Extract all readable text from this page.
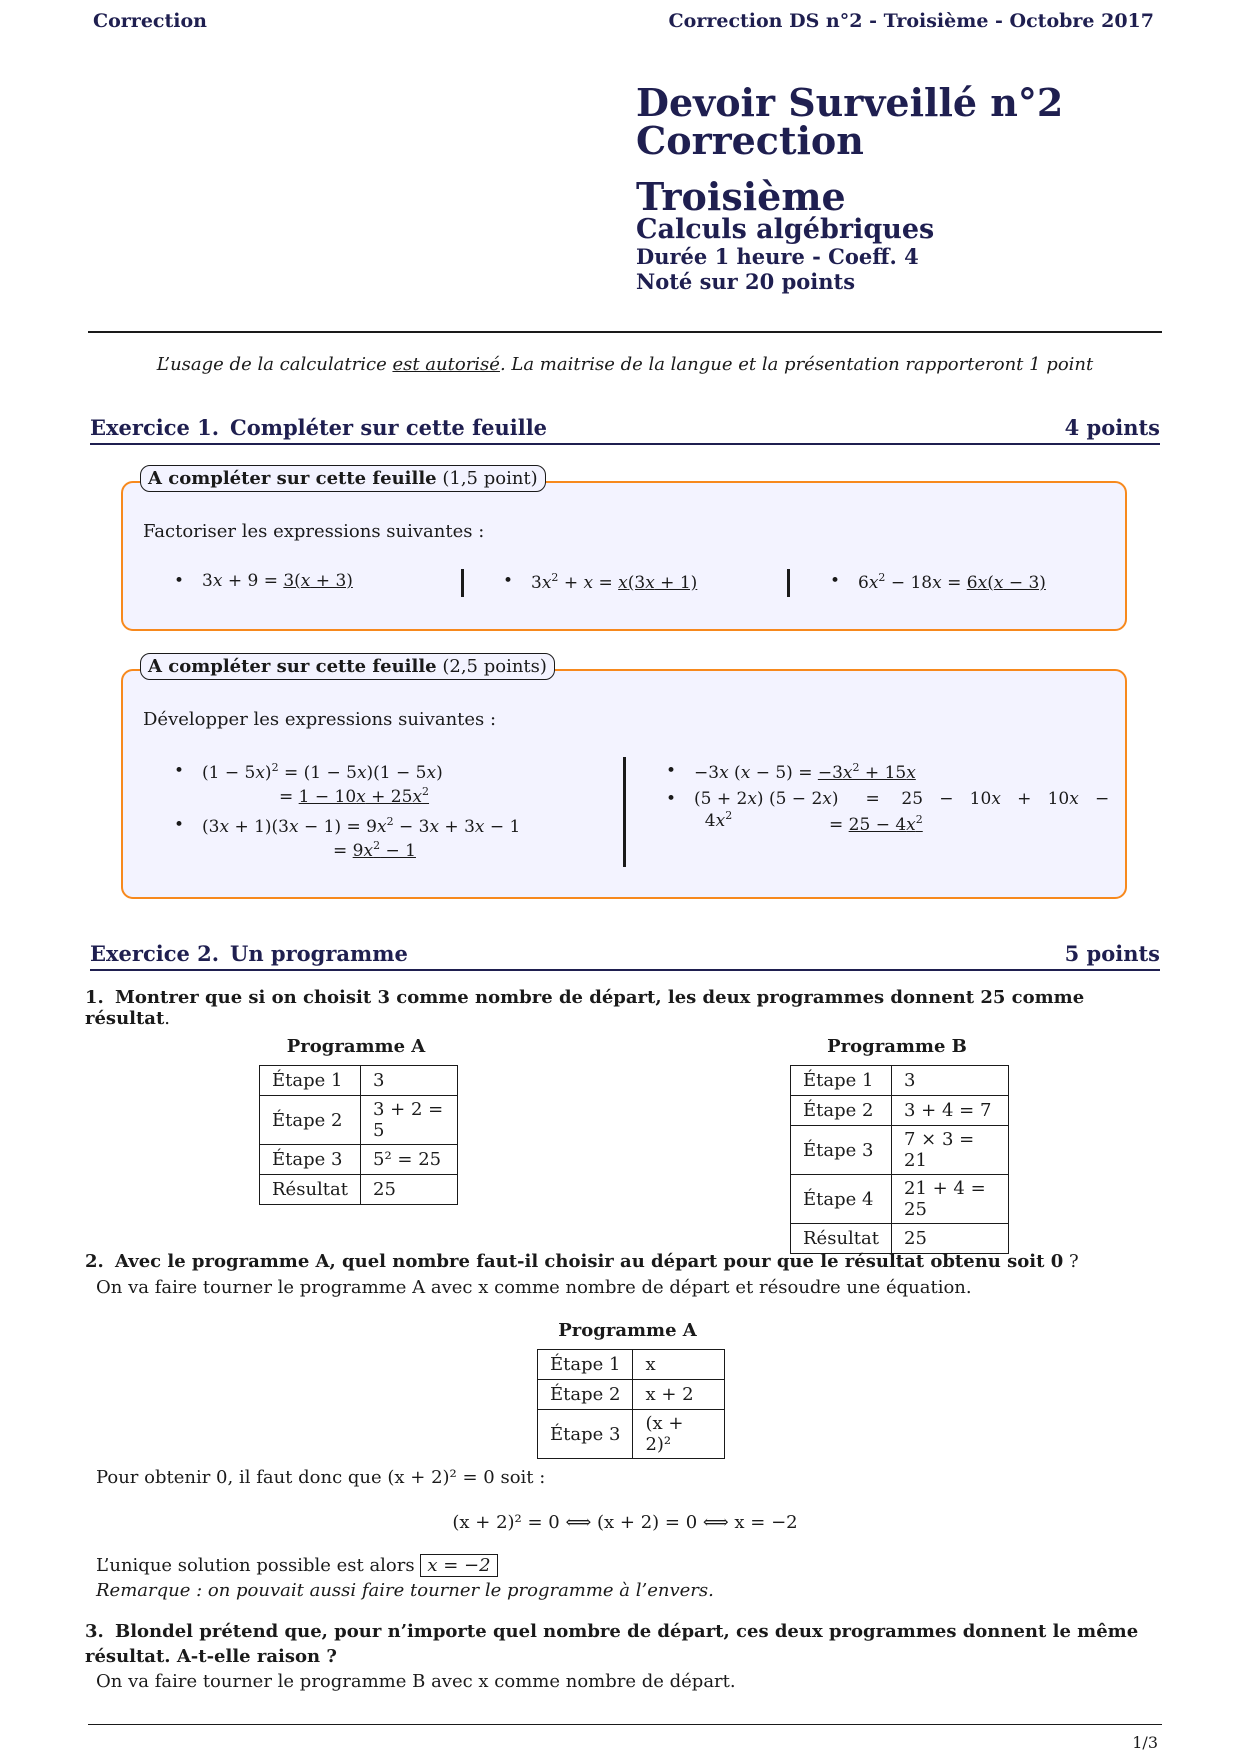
Correction	Correction DS n°2 - Troisième - Octobre 2017
Devoir Surveillé n°2
Correction
Troisième
Calculs algébriques
Durée 1 heure - Coeff. 4
Noté sur 20 points
L’usage de la calculatrice est autorisé. La maitrise de la langue et la présentation rapporteront 1 point
Exercice 1. Compléter sur cette feuille	4 points
Factoriser les expressions suivantes :
• 3x + 9 = 3(x + 3)	• $3x^2 + x = x(3x + 1)$	• $6x^2 - 18x = 6x(x - 3)$
A compléter sur cette feuille (1,5 point)
Développer les expressions suivantes :
• $(1 - 5x)^2 = (1 - 5x)(1 - 5x)$
= $1 - 10x + 25x^2$
• $(3x + 1)(3x - 1) = 9x^2 - 3x + 3x - 1$
= $9x^2 - 1$
• −3x $(x - 5) = -3x^2 + 15x$
• (5 + 2x) (5 − 2x)     =    $25 - 10x + 10x - 4x^2$	= $25 - 4x^2$
A compléter sur cette feuille (2,5 points)
Exercice 2. Un programme	5 points
1. Montrer que si on choisit 3 comme nombre de départ, les deux programmes donnent 25 comme résultat.
Programme A
Étape 1	3
Étape 2	3 + 2 = 5
Étape 3	5² = 25
Résultat	25
Programme B
Étape 1	3
Étape 2	3 + 4 = 7
Étape 3	7 × 3 = 21
Étape 4	21 + 4 = 25
Résultat	25
2. Avec le programme A, quel nombre faut-il choisir au départ pour que le résultat obtenu soit 0 ?
On va faire tourner le programme A avec x comme nombre de départ et résoudre une équation.
Programme A
Étape 1	x
Étape 2	x + 2
Étape 3	(x + 2)²
Pour obtenir 0, il faut donc que (x + 2)² = 0 soit :
(x + 2)² = 0 ⟺ (x + 2) = 0 ⟺ x = −2
L’unique solution possible est alors x = −2
Remarque : on pouvait aussi faire tourner le programme à l’envers.
3. Blondel prétend que, pour n’importe quel nombre de départ, ces deux programmes donnent le même résultat. A-t-elle raison ?
On va faire tourner le programme B avec x comme nombre de départ.
1/3
